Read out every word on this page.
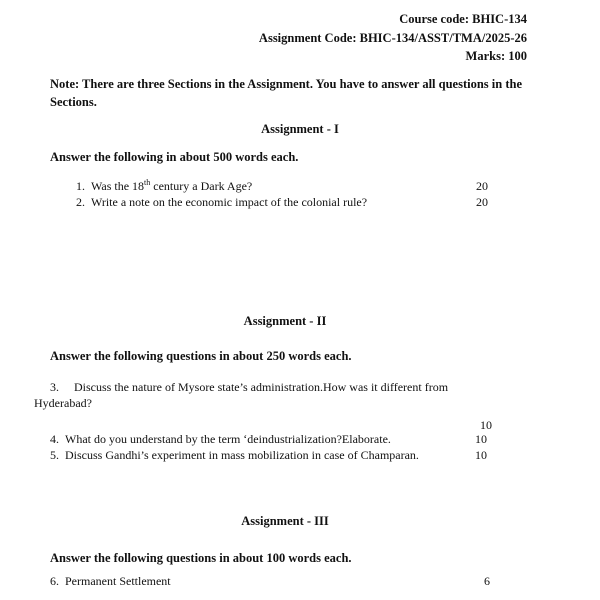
Course code: BHIC-134
Assignment Code: BHIC-134/ASST/TMA/2025-26
Marks: 100
Note: There are three Sections in the Assignment. You have to answer all questions in the Sections.
Assignment - I
Answer the following in about 500 words each.
1. Was the 18th century a Dark Age?	20
2. Write a note on the economic impact of the colonial rule?	20
Assignment - II
Answer the following questions in about 250 words each.
3. Discuss the nature of Mysore state’s administration.How was it different from
Hyderabad?
10
4. What do you understand by the term ‘deindustrialization?Elaborate.	10
5. Discuss Gandhi’s experiment in mass mobilization in case of Champaran.	10
Assignment - III
Answer the following questions in about 100 words each.
6. Permanent Settlement	6
